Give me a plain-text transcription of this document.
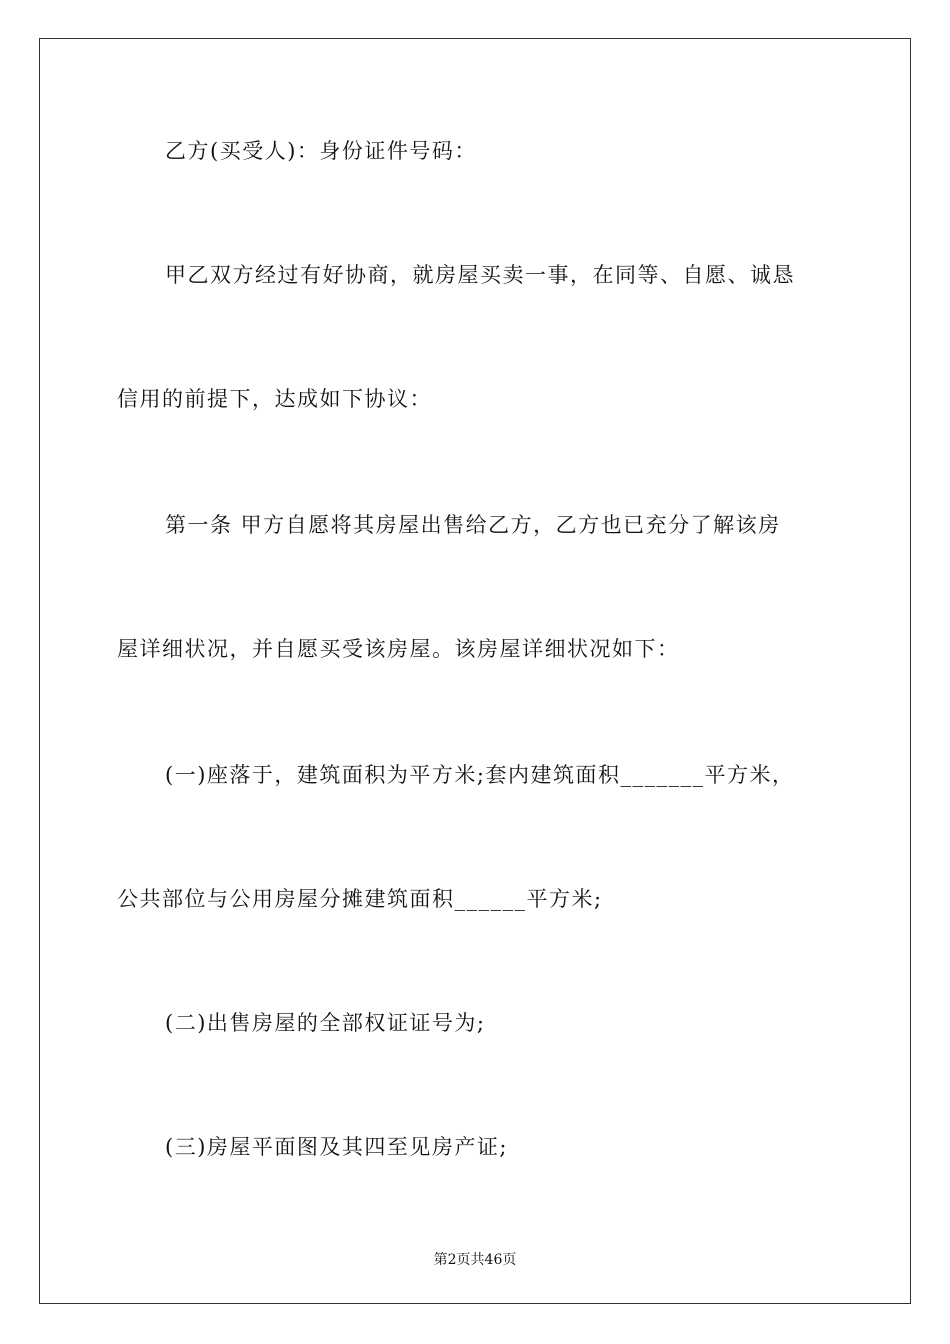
乙方(买受人)：身份证件号码：
甲乙双方经过有好协商，就房屋买卖一事，在同等、自愿、诚恳
信用的前提下，达成如下协议：
第一条 甲方自愿将其房屋出售给乙方，乙方也已充分了解该房
屋详细状况，并自愿买受该房屋。该房屋详细状况如下：
(一)座落于，建筑面积为平方米;套内建筑面积_______平方米，
公共部位与公用房屋分摊建筑面积______平方米;
(二)出售房屋的全部权证证号为;
(三)房屋平面图及其四至见房产证;
第2页共46页
